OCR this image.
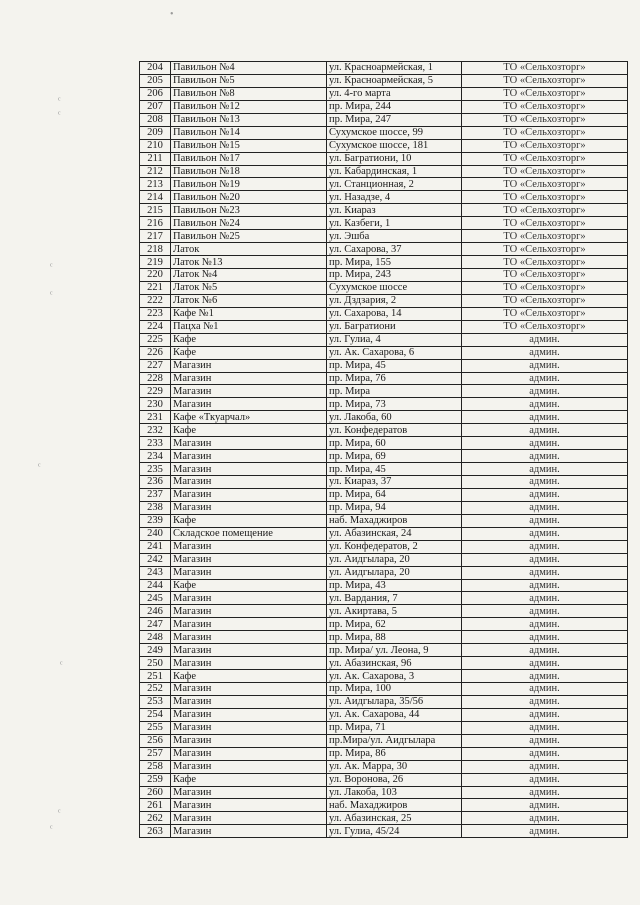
•
ᶜ
ᶜ
ᶜ
ᶜ
ᶜ
ᶜ
ᶜ
ᶜ
204	Павильон №4	ул. Красноармейская, 1	ТО «Сельхозторг»
205	Павильон №5	ул. Красноармейская, 5	ТО «Сельхозторг»
206	Павильон №8	ул. 4-го марта	ТО «Сельхозторг»
207	Павильон №12	пр. Мира, 244	ТО «Сельхозторг»
208	Павильон №13	пр. Мира, 247	ТО «Сельхозторг»
209	Павильон №14	Сухумское шоссе, 99	ТО «Сельхозторг»
210	Павильон №15	Сухумское шоссе, 181	ТО «Сельхозторг»
211	Павильон №17	ул. Багратиони, 10	ТО «Сельхозторг»
212	Павильон №18	ул. Кабардинская, 1	ТО «Сельхозторг»
213	Павильон №19	ул. Станционная, 2	ТО «Сельхозторг»
214	Павильон №20	ул. Назадзе, 4	ТО «Сельхозторг»
215	Павильон №23	ул. Киараз	ТО «Сельхозторг»
216	Павильон №24	ул. Казбеги, 1	ТО «Сельхозторг»
217	Павильон №25	ул. Эшба	ТО «Сельхозторг»
218	Латок	ул. Сахарова, 37	ТО «Сельхозторг»
219	Латок №13	пр. Мира, 155	ТО «Сельхозторг»
220	Латок №4	пр. Мира, 243	ТО «Сельхозторг»
221	Латок №5	Сухумское шоссе	ТО «Сельхозторг»
222	Латок №6	ул. Дздзария, 2	ТО «Сельхозторг»
223	Кафе №1	ул. Сахарова, 14	ТО «Сельхозторг»
224	Пацха №1	ул. Багратиони	ТО «Сельхозторг»
225	Кафе	ул. Гулиа, 4	админ.
226	Кафе	ул. Ак. Сахарова, 6	админ.
227	Магазин	пр. Мира, 45	админ.
228	Магазин	пр. Мира, 76	админ.
229	Магазин	пр. Мира	админ.
230	Магазин	пр. Мира, 73	админ.
231	Кафе «Ткуарчал»	ул. Лакоба, 60	админ.
232	Кафе	ул. Конфедератов	админ.
233	Магазин	пр. Мира, 60	админ.
234	Магазин	пр. Мира, 69	админ.
235	Магазин	пр. Мира, 45	админ.
236	Магазин	ул. Киараз, 37	админ.
237	Магазин	пр. Мира, 64	админ.
238	Магазин	пр. Мира, 94	админ.
239	Кафе	наб. Махаджиров	админ.
240	Складское помещение	ул. Абазинская, 24	админ.
241	Магазин	ул. Конфедератов, 2	админ.
242	Магазин	ул. Аидгылара, 20	админ.
243	Магазин	ул. Аидгылара, 20	админ.
244	Кафе	пр. Мира, 43	админ.
245	Магазин	ул. Вардания, 7	админ.
246	Магазин	ул. Акиртава, 5	админ.
247	Магазин	пр. Мира, 62	админ.
248	Магазин	пр. Мира, 88	админ.
249	Магазин	пр. Мира/ ул. Леона, 9	админ.
250	Магазин	ул. Абазинская, 96	админ.
251	Кафе	ул. Ак. Сахарова, 3	админ.
252	Магазин	пр. Мира, 100	админ.
253	Магазин	ул. Аидгылара, 35/56	админ.
254	Магазин	ул. Ак. Сахарова, 44	админ.
255	Магазин	пр. Мира, 71	админ.
256	Магазин	пр.Мира/ул. Аидгылара	админ.
257	Магазин	пр. Мира, 86	админ.
258	Магазин	ул. Ак. Марра, 30	админ.
259	Кафе	ул. Воронова, 26	админ.
260	Магазин	ул. Лакоба, 103	админ.
261	Магазин	наб. Махаджиров	админ.
262	Магазин	ул. Абазинская, 25	админ.
263	Магазин	ул. Гулиа, 45/24	админ.
